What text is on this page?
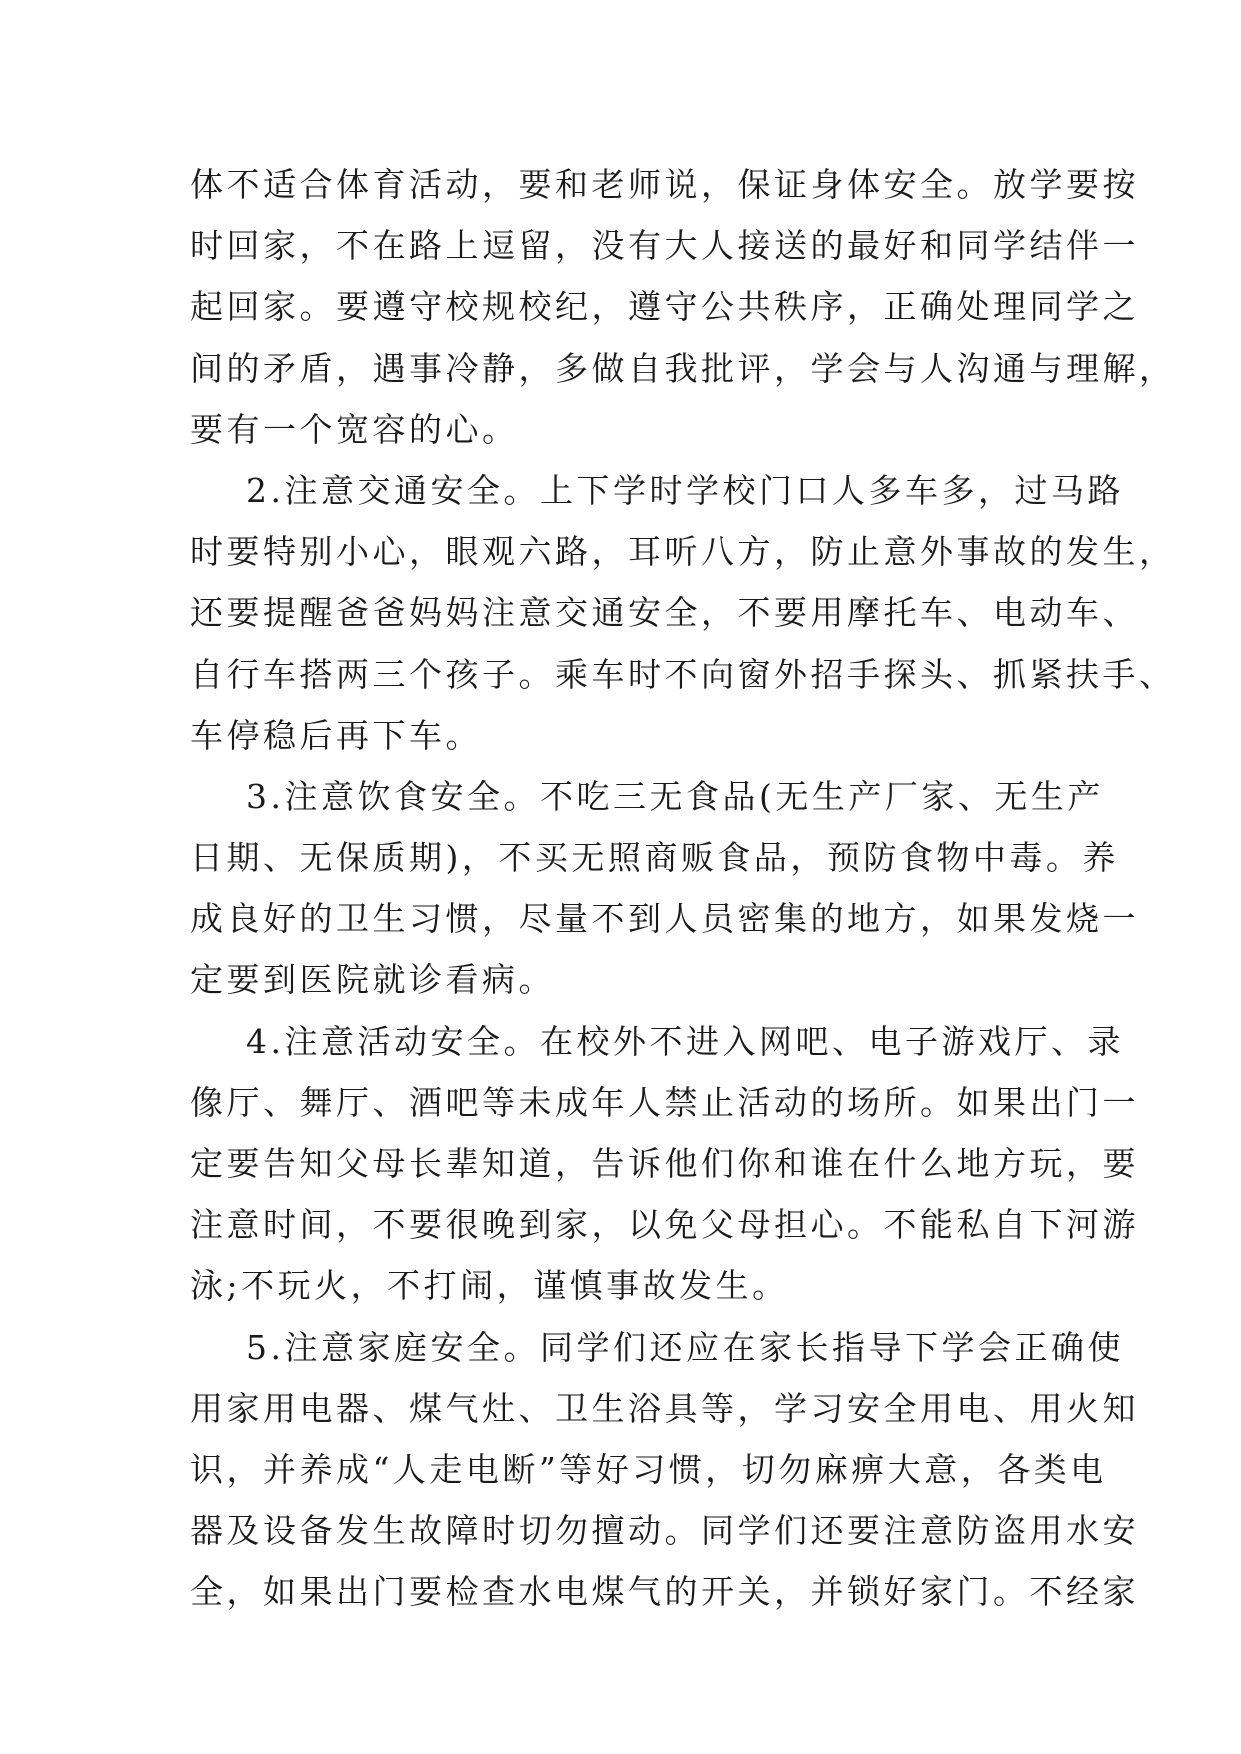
体不适合体育活动，要和老师说，保证身体安全。放学要按
时回家，不在路上逗留，没有大人接送的最好和同学结伴一
起回家。要遵守校规校纪，遵守公共秩序，正确处理同学之
间的矛盾，遇事冷静，多做自我批评，学会与人沟通与理解，
要有一个宽容的心。
2.注意交通安全。上下学时学校门口人多车多，过马路
时要特别小心，眼观六路，耳听八方，防止意外事故的发生，
还要提醒爸爸妈妈注意交通安全，不要用摩托车、电动车、
自行车搭两三个孩子。乘车时不向窗外招手探头、抓紧扶手、
车停稳后再下车。
3.注意饮食安全。不吃三无食品(无生产厂家、无生产
日期、无保质期)，不买无照商贩食品，预防食物中毒。养
成良好的卫生习惯，尽量不到人员密集的地方，如果发烧一
定要到医院就诊看病。
4.注意活动安全。在校外不进入网吧、电子游戏厅、录
像厅、舞厅、酒吧等未成年人禁止活动的场所。如果出门一
定要告知父母长辈知道，告诉他们你和谁在什么地方玩，要
注意时间，不要很晚到家，以免父母担心。不能私自下河游
泳;不玩火，不打闹，谨慎事故发生。
5.注意家庭安全。同学们还应在家长指导下学会正确使
用家用电器、煤气灶、卫生浴具等，学习安全用电、用火知
识，并养成“人走电断”等好习惯，切勿麻痹大意，各类电
器及设备发生故障时切勿擅动。同学们还要注意防盗用水安
全，如果出门要检查水电煤气的开关，并锁好家门。不经家
